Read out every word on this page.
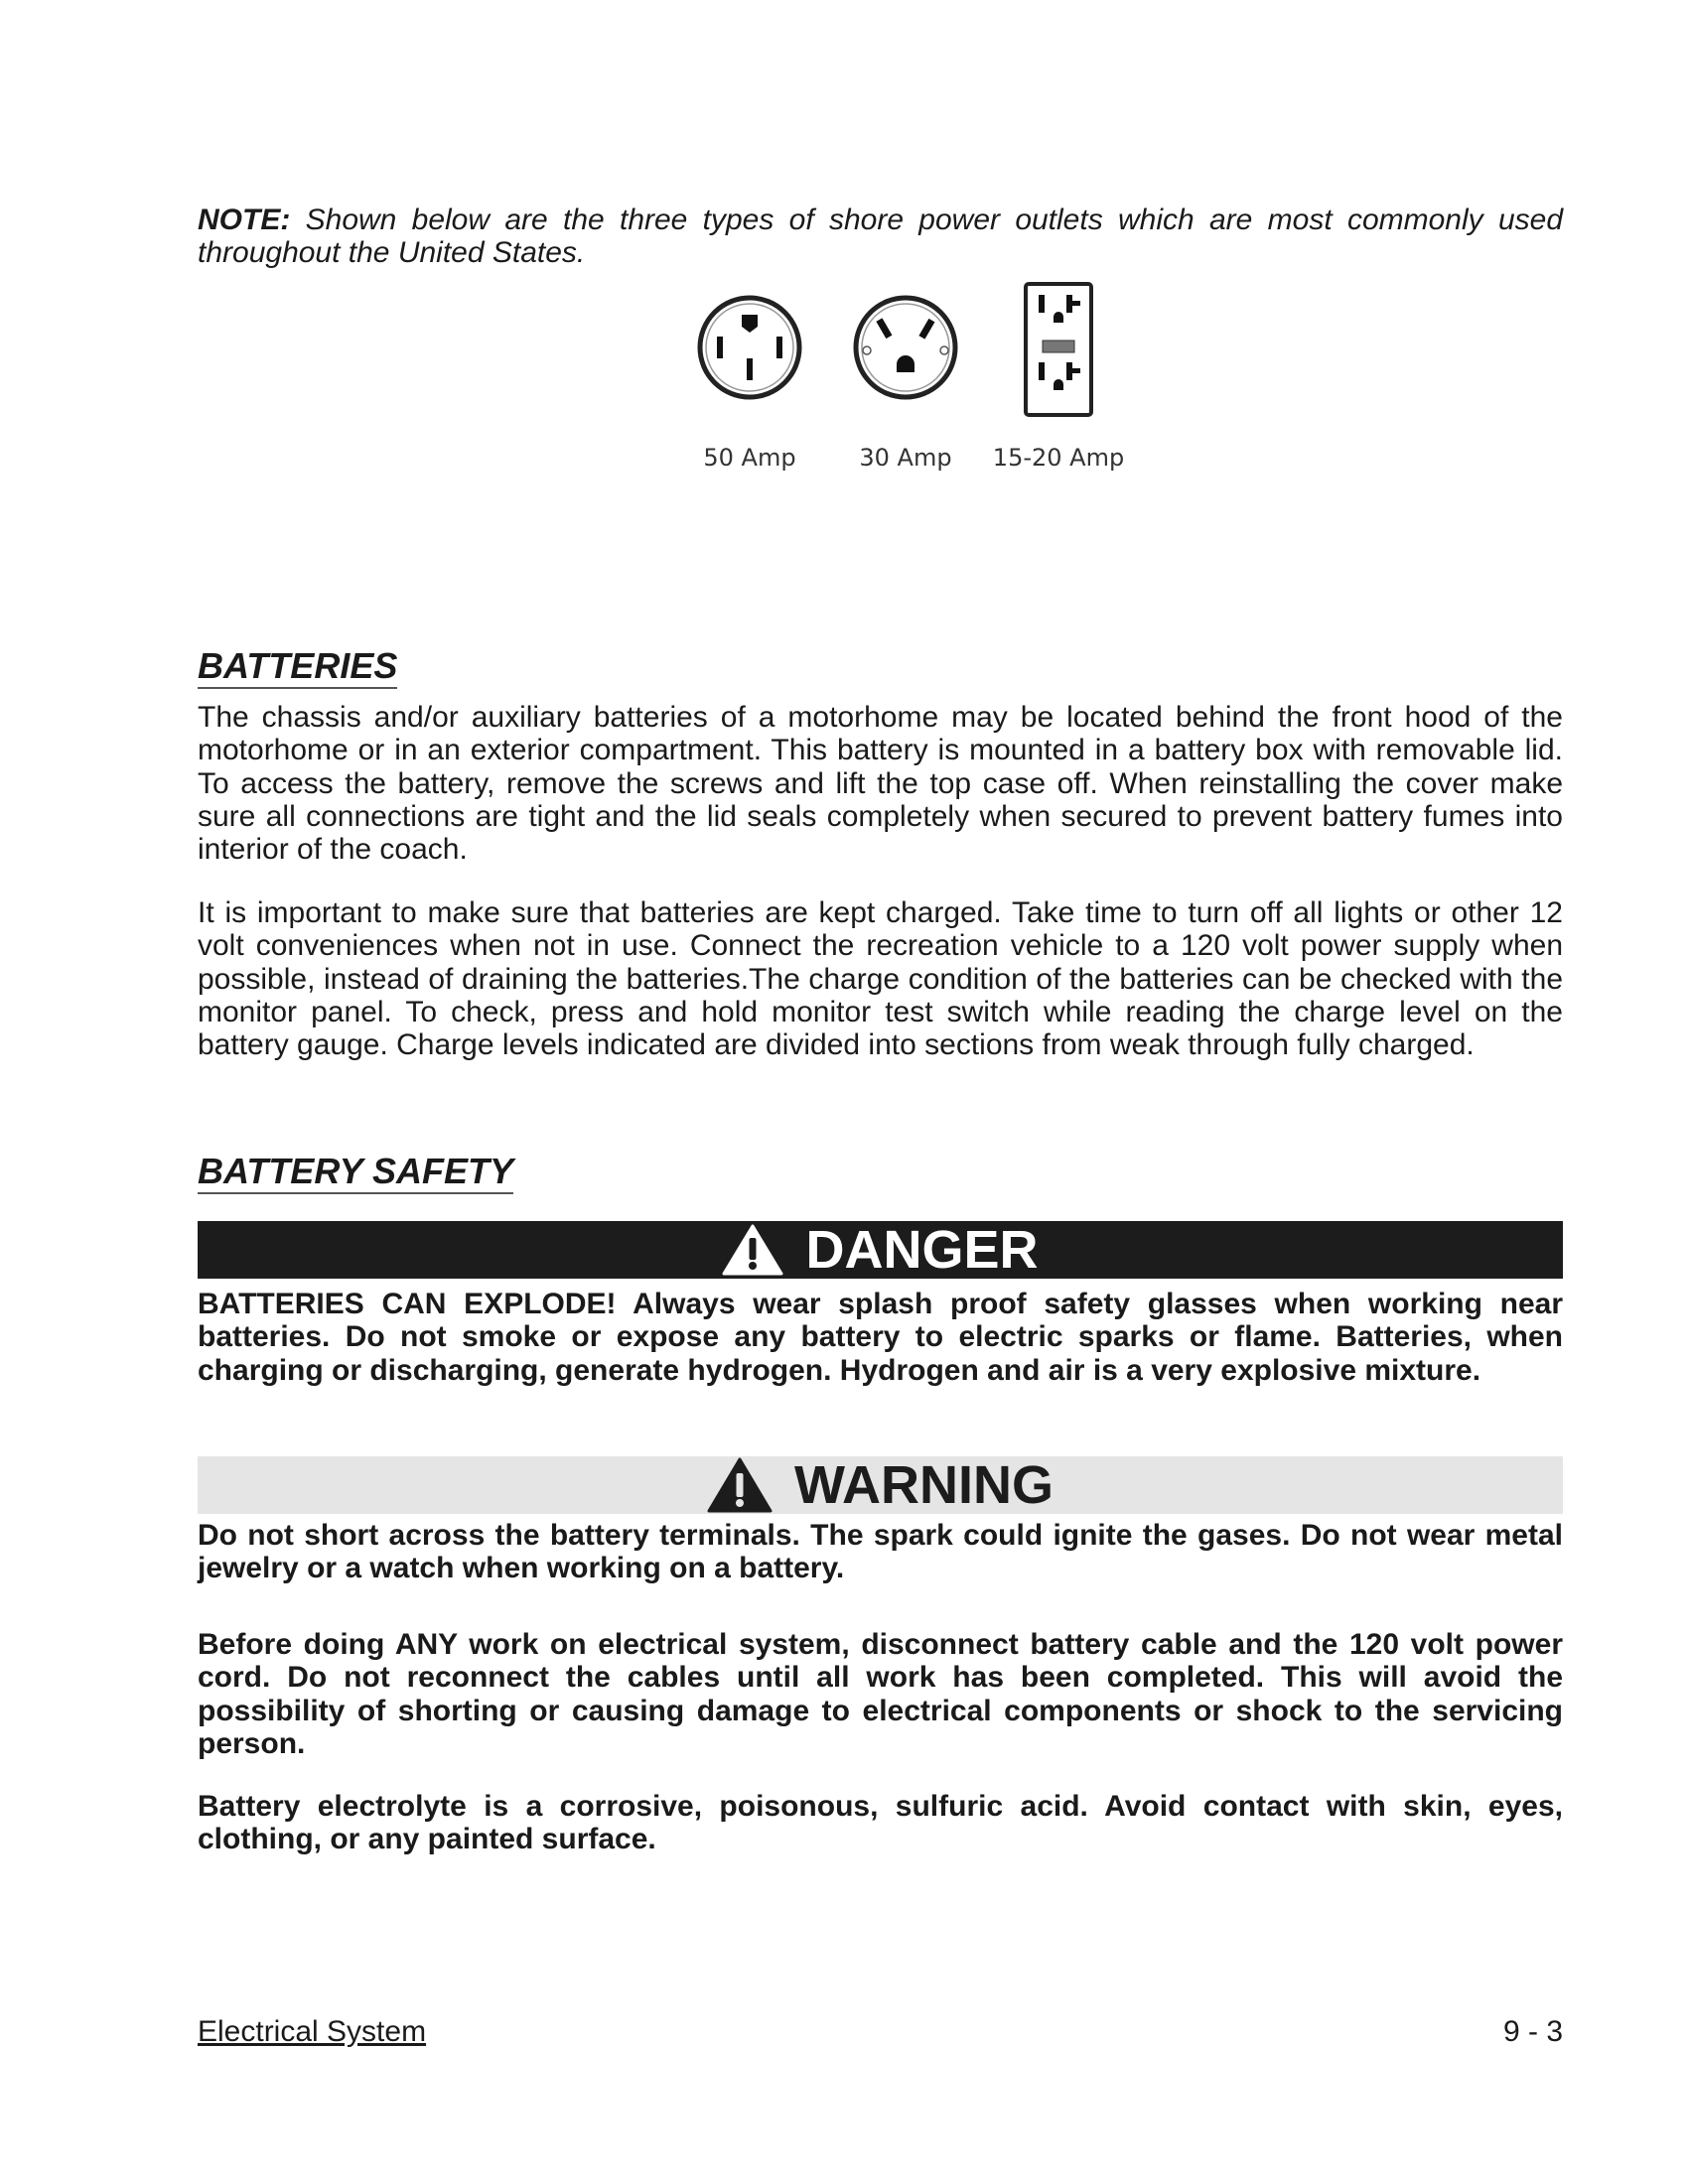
NOTE: Shown below are the three types of shore power outlets which are most commonly used throughout the United States.
50 Amp	30 Amp	15-20 Amp
BATTERIES
The chassis and/or auxiliary batteries of a motorhome may be located behind the front hood of the motorhome or in an exterior compartment. This battery is mounted in a battery box with removable lid. To access the battery, remove the screws and lift the top case off. When reinstalling the cover make sure all connections are tight and the lid seals completely when secured to prevent battery fumes into interior of the coach.
It is important to make sure that batteries are kept charged. Take time to turn off all lights or other 12 volt conveniences when not in use. Connect the recreation vehicle to a 120 volt power supply when possible, instead of draining the batteries.The charge condition of the batteries can be checked with the monitor panel. To check, press and hold monitor test switch while reading the charge level on the battery gauge. Charge levels indicated are divided into sections from weak through fully charged.
BATTERY SAFETY
DANGER
BATTERIES CAN EXPLODE! Always wear splash proof safety glasses when working near batteries. Do not smoke or expose any battery to electric sparks or flame. Batteries, when charging or discharging, generate hydrogen. Hydrogen and air is a very explosive mixture.
WARNING
Do not short across the battery terminals. The spark could ignite the gases. Do not wear metal jewelry or a watch when working on a battery.
Before doing ANY work on electrical system, disconnect battery cable and the 120 volt power cord. Do not reconnect the cables until all work has been completed. This will avoid the possibility of shorting or causing damage to electrical components or shock to the servicing person.
Battery electrolyte is a corrosive, poisonous, sulfuric acid. Avoid contact with skin, eyes, clothing, or any painted surface.
Electrical System	9 - 3
